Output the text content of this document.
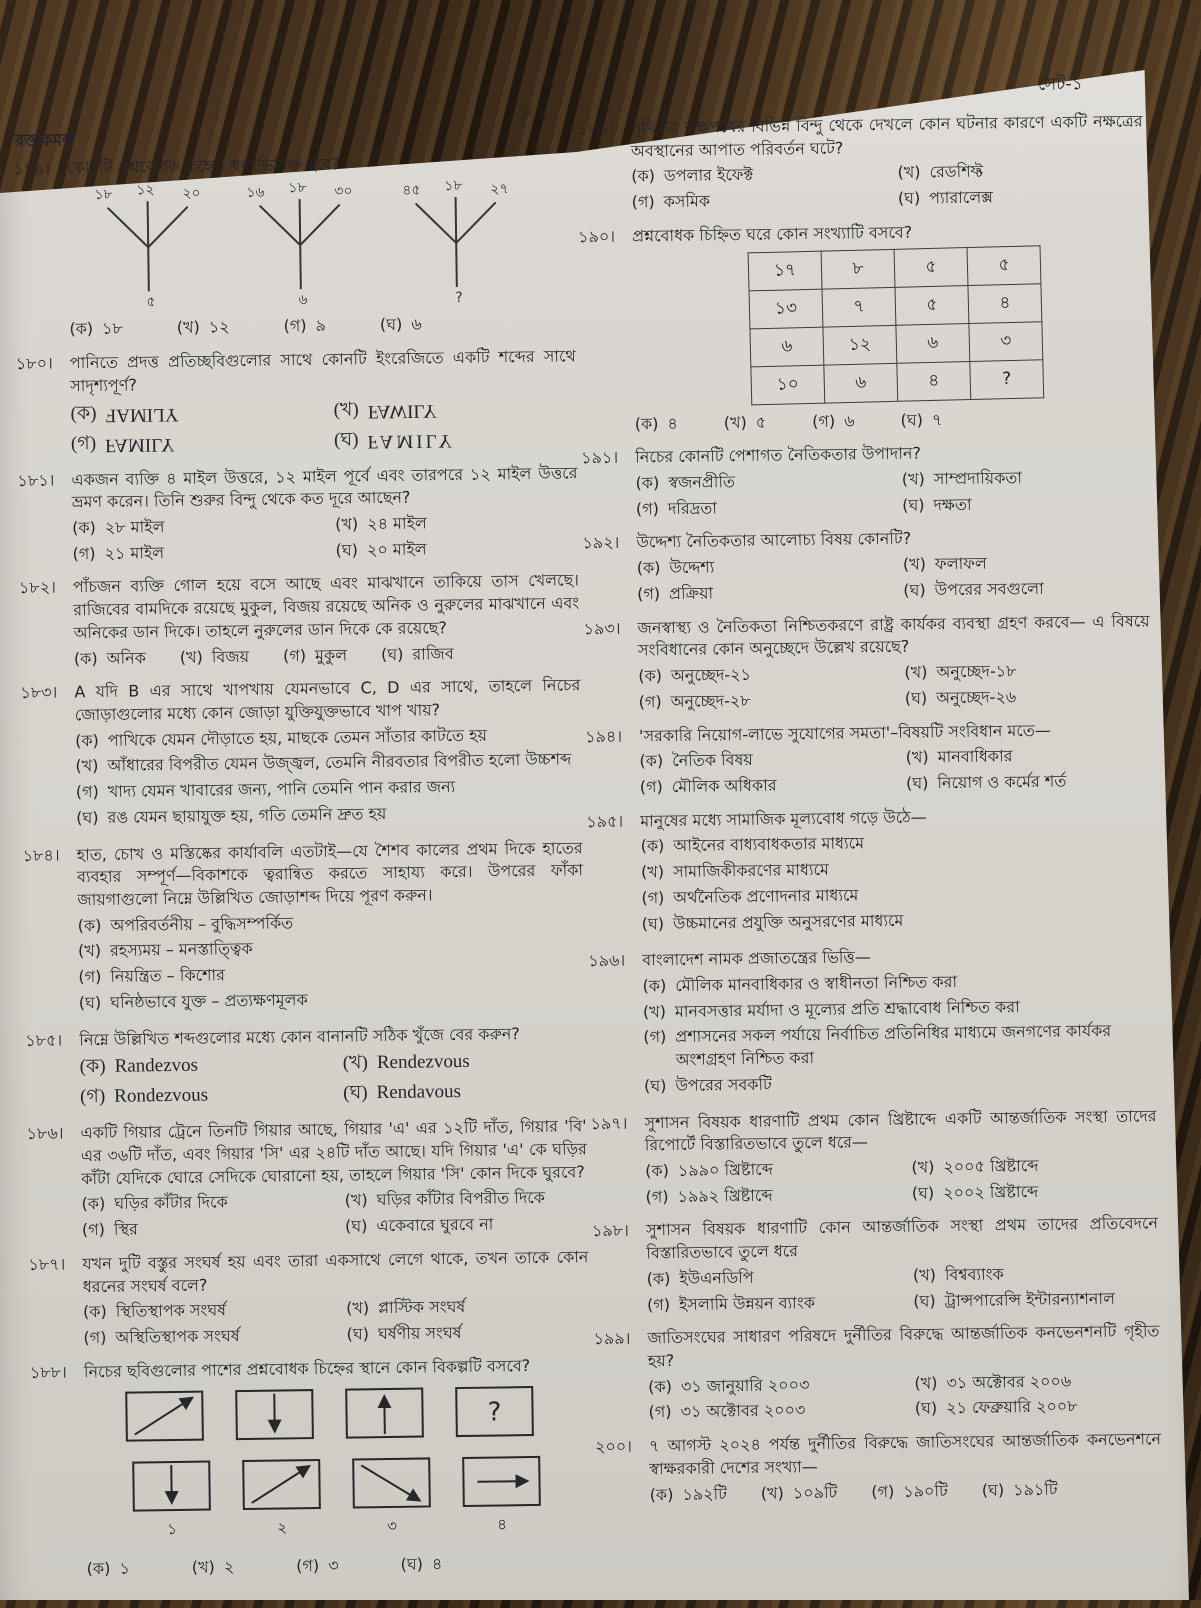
রক্তকমল
৮
সেট-১
১৭৯।	কোনটি প্রশ্নবোধক চিহ্নের স্থলাভিষিক্ত হবে?
১৮ ১২ ২০	১৬ ১৮ ৩০	৪৫ ১৮ ২৭
৫	৬	?
(ক) ১৮	(খ) ১২	(গ) ৯	(ঘ) ৬
১৮০।	পানিতে প্রদত্ত প্রতিচ্ছবিগুলোর সাথে কোনটি ইংরেজিতে একটি শব্দের সাথে সাদৃশ্যপূর্ণ?
(ক) YLIMAF	(খ) FAWILY
(গ) FAMILY	(ঘ) FAMILY
১৮১।	একজন ব্যক্তি ৪ মাইল উত্তরে, ১২ মাইল পূর্বে এবং তারপরে ১২ মাইল উত্তরে ভ্রমণ করেন। তিনি শুরুর বিন্দু থেকে কত দূরে আছেন?
(ক) ২৮ মাইল	(খ) ২৪ মাইল
(গ) ২১ মাইল	(ঘ) ২০ মাইল
১৮২।	পাঁচজন ব্যক্তি গোল হয়ে বসে আছে এবং মাঝখানে তাকিয়ে তাস খেলছে। রাজিবের বামদিকে রয়েছে মুকুল, বিজয় রয়েছে অনিক ও নুরুলের মাঝখানে এবং অনিকের ডান দিকে। তাহলে নুরুলের ডান দিকে কে রয়েছে?
(ক) অনিক (খ) বিজয় (গ) মুকুল (ঘ) রাজিব
১৮৩।	A যদি B এর সাথে খাপখায় যেমনভাবে C, D এর সাথে, তাহলে নিচের জোড়াগুলোর মধ্যে কোন জোড়া যুক্তিযুক্তভাবে খাপ খায়?
(ক) পাখিকে যেমন দৌড়াতে হয়, মাছকে তেমন সাঁতার কাটতে হয়
(খ) আঁধারের বিপরীত যেমন উজ্জ্বল, তেমনি নীরবতার বিপরীত হলো উচ্চশব্দ
(গ) খাদ্য যেমন খাবারের জন্য, পানি তেমনি পান করার জন্য
(ঘ) রঙ যেমন ছায়াযুক্ত হয়, গতি তেমনি দ্রুত হয়
১৮৪।	হাত, চোখ ও মস্তিষ্কের কার্যাবলি এতটাই—যে শৈশব কালের প্রথম দিকে হাতের ব্যবহার সম্পূর্ণ—বিকাশকে ত্বরান্বিত করতে সাহায্য করে। উপরের ফাঁকা জায়গাগুলো নিম্নে উল্লিখিত জোড়াশব্দ দিয়ে পূরণ করুন।
(ক) অপরিবর্তনীয় – বুদ্ধিসম্পর্কিত
(খ) রহস্যময় – মনস্তাত্ত্বিক
(গ) নিয়ন্ত্রিত – কিশোর
(ঘ) ঘনিষ্ঠভাবে যুক্ত – প্রত্যক্ষণমূলক
১৮৫।	নিম্নে উল্লিখিত শব্দগুলোর মধ্যে কোন বানানটি সঠিক খুঁজে বের করুন?
(ক) Randezvos	(খ) Rendezvous
(গ) Rondezvous	(ঘ) Rendavous
১৮৬।	একটি গিয়ার ট্রেনে তিনটি গিয়ার আছে, গিয়ার 'এ' এর ১২টি দাঁত, গিয়ার 'বি' এর ৩৬টি দাঁত, এবং গিয়ার 'সি' এর ২৪টি দাঁত আছে। যদি গিয়ার 'এ' কে ঘড়ির কাঁটা যেদিকে ঘোরে সেদিকে ঘোরানো হয়, তাহলে গিয়ার 'সি' কোন দিকে ঘুরবে?
(ক) ঘড়ির কাঁটার দিকে	(খ) ঘড়ির কাঁটার বিপরীত দিকে
(গ) স্থির	(ঘ) একেবারে ঘুরবে না
১৮৭।	যখন দুটি বস্তুর সংঘর্ষ হয় এবং তারা একসাথে লেগে থাকে, তখন তাকে কোন ধরনের সংঘর্ষ বলে?
(ক) স্থিতিস্থাপক সংঘর্ষ	(খ) প্লাস্টিক সংঘর্ষ
(গ) অস্থিতিস্থাপক সংঘর্ষ	(ঘ) ঘর্ষণীয় সংঘর্ষ
১৮৮।	নিচের ছবিগুলোর পাশের প্রশ্নবোধক চিহ্নের স্থানে কোন বিকল্পটি বসবে?
?
১	২	৩	৪
(ক) ১	(খ) ২	(গ) ৩	(ঘ) ৪
১৮৯।	পৃথিবীর কক্ষপথের বিভিন্ন বিন্দু থেকে দেখলে কোন ঘটনার কারণে একটি নক্ষত্রের অবস্থানের আপাত পরিবর্তন ঘটে?
(ক) ডপলার ইফেক্ট	(খ) রেডশিফ্ট
(গ) কসমিক	(ঘ) প্যারালেক্স
১৯০।	প্রশ্নবোধক চিহ্নিত ঘরে কোন সংখ্যাটি বসবে?
১৭	৮	৫	৫
১৩	৭	৫	৪
৬	১২	৬	৩
১০	৬	৪	?
(ক) ৪	(খ) ৫	(গ) ৬	(ঘ) ৭
১৯১।	নিচের কোনটি পেশাগত নৈতিকতার উপাদান?
(ক) স্বজনপ্রীতি	(খ) সাম্প্রদায়িকতা
(গ) দরিদ্রতা	(ঘ) দক্ষতা
১৯২।	উদ্দেশ্য নৈতিকতার আলোচ্য বিষয় কোনটি?
(ক) উদ্দেশ্য	(খ) ফলাফল
(গ) প্রক্রিয়া	(ঘ) উপরের সবগুলো
১৯৩।	জনস্বাস্থ্য ও নৈতিকতা নিশ্চিতকরণে রাষ্ট্র কার্যকর ব্যবস্থা গ্রহণ করবে— এ বিষয়ে সংবিধানের কোন অনুচ্ছেদে উল্লেখ রয়েছে?
(ক) অনুচ্ছেদ-২১	(খ) অনুচ্ছেদ-১৮
(গ) অনুচ্ছেদ-২৮	(ঘ) অনুচ্ছেদ-২৬
১৯৪।	'সরকারি নিয়োগ-লাভে সুযোগের সমতা'–বিষয়টি সংবিধান মতে—
(ক) নৈতিক বিষয়	(খ) মানবাধিকার
(গ) মৌলিক অধিকার	(ঘ) নিয়োগ ও কর্মের শর্ত
১৯৫।	মানুষের মধ্যে সামাজিক মূল্যবোধ গড়ে উঠে—
(ক) আইনের বাধ্যবাধকতার মাধ্যমে
(খ) সামাজিকীকরণের মাধ্যমে
(গ) অর্থনৈতিক প্রণোদনার মাধ্যমে
(ঘ) উচ্চমানের প্রযুক্তি অনুসরণের মাধ্যমে
১৯৬।	বাংলাদেশ নামক প্রজাতন্ত্রের ভিত্তি—
(ক) মৌলিক মানবাধিকার ও স্বাধীনতা নিশ্চিত করা
(খ) মানবসত্তার মর্যাদা ও মূল্যের প্রতি শ্রদ্ধাবোধ নিশ্চিত করা
(গ) প্রশাসনের সকল পর্যায়ে নির্বাচিত প্রতিনিধির মাধ্যমে জনগণের কার্যকর অংশগ্রহণ নিশ্চিত করা
(ঘ) উপরের সবকটি
১৯৭।	সুশাসন বিষয়ক ধারণাটি প্রথম কোন খ্রিষ্টাব্দে একটি আন্তর্জাতিক সংস্থা তাদের রিপোর্টে বিস্তারিতভাবে তুলে ধরে—
(ক) ১৯৯০ খ্রিষ্টাব্দে	(খ) ২০০৫ খ্রিষ্টাব্দে
(গ) ১৯৯২ খ্রিষ্টাব্দে	(ঘ) ২০০২ খ্রিষ্টাব্দে
১৯৮।	সুশাসন বিষয়ক ধারণাটি কোন আন্তর্জাতিক সংস্থা প্রথম তাদের প্রতিবেদনে বিস্তারিতভাবে তুলে ধরে
(ক) ইউএনডিপি	(খ) বিশ্বব্যাংক
(গ) ইসলামি উন্নয়ন ব্যাংক	(ঘ) ট্রান্সপারেন্সি ইন্টারন্যাশনাল
১৯৯।	জাতিসংঘের সাধারণ পরিষদে দুর্নীতির বিরুদ্ধে আন্তর্জাতিক কনভেনশনটি গৃহীত হয়?
(ক) ৩১ জানুয়ারি ২০০৩	(খ) ৩১ অক্টোবর ২০০৬
(গ) ৩১ অক্টোবর ২০০৩	(ঘ) ২১ ফেব্রুয়ারি ২০০৮
২০০।	৭ আগস্ট ২০২৪ পর্যন্ত দুর্নীতির বিরুদ্ধে জাতিসংঘের আন্তর্জাতিক কনভেনশনে স্বাক্ষরকারী দেশের সংখ্যা—
(ক) ১৯২টি (খ) ১০৯টি (গ) ১৯০টি (ঘ) ১৯১টি
